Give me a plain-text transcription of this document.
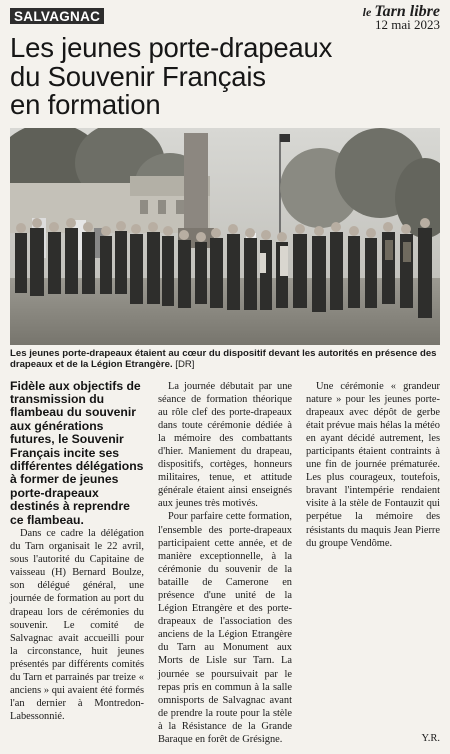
SALVAGNAC	le Tarn libre
12 mai 2023
Les jeunes porte-drapeaux
du Souvenir Français
en formation
Les jeunes porte-drapeaux étaient au cœur du dispositif devant les autorités en présence des drapeaux et de la Légion Etrangère. [DR]

Fidèle aux objectifs de transmission du flambeau du souvenir aux générations futures, le Souvenir Français incite ses différentes délégations à former de jeunes porte-drapeaux destinés à reprendre ce flambeau.

Dans ce cadre la délégation du Tarn organisait le 22 avril, sous l'autorité du Capitaine de vaisseau (H) Bernard Boulze, son délégué général, une journée de formation au port du drapeau lors de cérémonies du souvenir. Le comité de Salvagnac avait accueilli pour la circonstance, huit jeunes présentés par différents comités du Tarn et parrainés par treize « anciens » qui avaient été formés l'an dernier à Montredon-Labessonnié.

La journée débutait par une séance de formation théorique au rôle clef des porte-drapeaux dans toute cérémonie dédiée à la mémoire des combattants d'hier. Maniement du drapeau, dispositifs, cortèges, honneurs militaires, tenue, et attitude générale étaient ainsi enseignés aux jeunes très motivés.

Pour parfaire cette formation, l'ensemble des porte-drapeaux participaient cette année, et de manière exceptionnelle, à la cérémonie du souvenir de la bataille de Camerone en présence d'une unité de la Légion Etrangère et des porte-drapeaux de l'association des anciens de la Légion Etrangère du Tarn au Monument aux Morts de Lisle sur Tarn. La journée se poursuivait par le repas pris en commun à la salle omnisports de Salvagnac avant de prendre la route pour la stèle à la Résistance de la Grande Baraque en forêt de Grésigne.

Une cérémonie « grandeur nature » pour les jeunes porte-drapeaux avec dépôt de gerbe était prévue mais hélas la météo en ayant décidé autrement, les participants étaient contraints à une fin de journée prématurée. Les plus courageux, toutefois, bravant l'intempérie rendaient visite à la stèle de Fontauzit qui perpétue la mémoire des résistants du maquis Jean Pierre du groupe Vendôme.

Y.R.
